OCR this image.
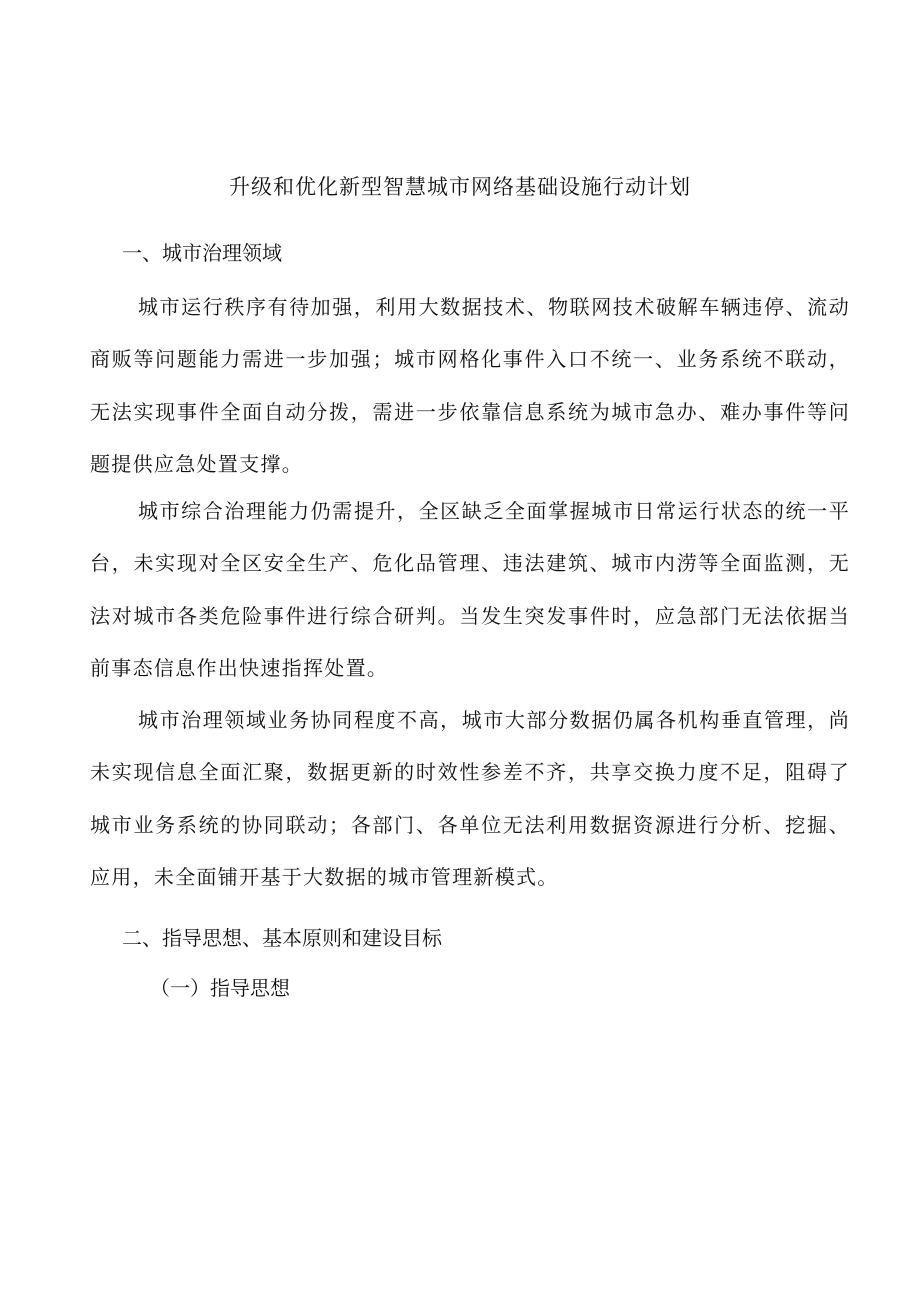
升级和优化新型智慧城市网络基础设施行动计划
一、城市治理领域

城市运行秩序有待加强，利用大数据技术、物联网技术破解车辆违停、流动商贩等问题能力需进一步加强；城市网格化事件入口不统一、业务系统不联动，无法实现事件全面自动分拨，需进一步依靠信息系统为城市急办、难办事件等问题提供应急处置支撑。

城市综合治理能力仍需提升，全区缺乏全面掌握城市日常运行状态的统一平台，未实现对全区安全生产、危化品管理、违法建筑、城市内涝等全面监测，无法对城市各类危险事件进行综合研判。当发生突发事件时，应急部门无法依据当前事态信息作出快速指挥处置。

城市治理领域业务协同程度不高，城市大部分数据仍属各机构垂直管理，尚未实现信息全面汇聚，数据更新的时效性参差不齐，共享交换力度不足，阻碍了城市业务系统的协同联动；各部门、各单位无法利用数据资源进行分析、挖掘、应用，未全面铺开基于大数据的城市管理新模式。

二、指导思想、基本原则和建设目标
（一）指导思想
